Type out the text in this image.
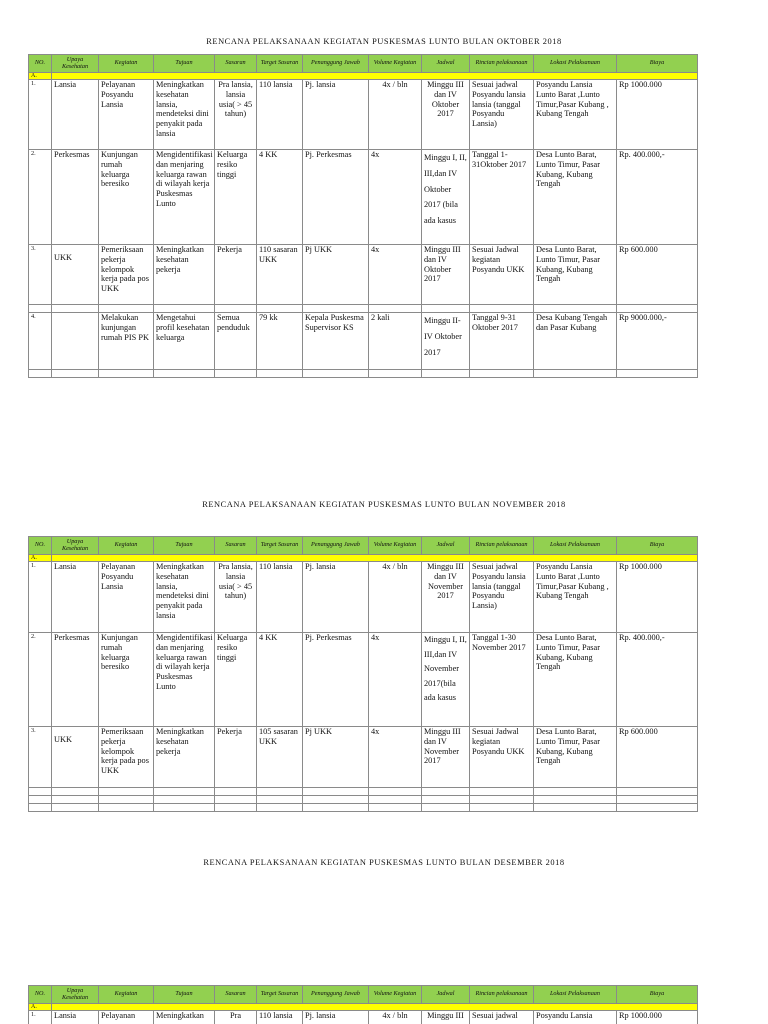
RENCANA PELAKSANAAN KEGIATAN PUSKESMAS LUNTO BULAN OKTOBER 2018
NO.	Upaya Kesehatan	Kegiatan	Tujuan	Sasaran	Target Sasaran	Penanggung Jawab	Volume Kegiatan	Jadwal	Rincian pelaksanaan	Lokasi Pelaksanaan	Biaya
A.											
1.	Lansia	Pelayanan Posyandu Lansia	Meningkatkan kesehatan lansia, mendeteksi dini penyakit pada lansia	Pra lansia, lansia usia( > 45 tahun)	110 lansia	Pj. lansia	4x / bln	Minggu III dan IV Oktober 2017	Sesuai jadwal Posyandu lansia lansia (tanggal Posyandu Lansia)	Posyandu Lansia Lunto Barat ,Lunto Timur,Pasar Kubang , Kubang Tengah	Rp 1000.000
2.	Perkesmas	Kunjungan rumah keluarga beresiko	Mengidentifikasi dan menjaring keluarga rawan di wilayah kerja Puskesmas Lunto	Keluarga resiko tinggi	4 KK	Pj. Perkesmas	4x	Minggu I, II, III,dan IV Oktober 2017 (bila ada kasus	Tanggal 1-31Oktober 2017	Desa Lunto Barat, Lunto Timur, Pasar Kubang, Kubang Tengah	Rp. 400.000,-
3.	UKK	Pemeriksaan pekerja kelompok kerja pada pos UKK	Meningkatkan kesehatan pekerja	Pekerja	110 sasaran UKK	Pj UKK	4x	Minggu III dan IV Oktober 2017	Sesuai Jadwal kegiatan Posyandu UKK	Desa Lunto Barat, Lunto Timur, Pasar Kubang, Kubang Tengah	Rp 600.000

4.		Melakukan kunjungan rumah PIS PK	Mengetahui profil kesehatan keluarga	Semua penduduk	79 kk	Kepala Puskesma Supervisor KS	2 kali	Minggu II-IV Oktober 2017	Tanggal 9-31 Oktober 2017	Desa Kubang Tengah dan Pasar Kubang	Rp 9000.000,-

RENCANA PELAKSANAAN KEGIATAN PUSKESMAS LUNTO BULAN NOVEMBER 2018
NO.	Upaya Kesehatan	Kegiatan	Tujuan	Sasaran	Target Sasaran	Penanggung Jawab	Volume Kegiatan	Jadwal	Rincian pelaksanaan	Lokasi Pelaksanaan	Biaya
A.											
1.	Lansia	Pelayanan Posyandu Lansia	Meningkatkan kesehatan lansia, mendeteksi dini penyakit pada lansia	Pra lansia, lansia usia( > 45 tahun)	110 lansia	Pj. lansia	4x / bln	Minggu III dan IV November 2017	Sesuai jadwal Posyandu lansia lansia (tanggal Posyandu Lansia)	Posyandu Lansia Lunto Barat ,Lunto Timur,Pasar Kubang , Kubang Tengah	Rp 1000.000
2.	Perkesmas	Kunjungan rumah keluarga beresiko	Mengidentifikasi dan menjaring keluarga rawan di wilayah kerja Puskesmas Lunto	Keluarga resiko tinggi	4 KK	Pj. Perkesmas	4x	Minggu I, II, III,dan IV November 2017(bila ada kasus	Tanggal 1-30 November 2017	Desa Lunto Barat, Lunto Timur, Pasar Kubang, Kubang Tengah	Rp. 400.000,-
3.	UKK	Pemeriksaan pekerja kelompok kerja pada pos UKK	Meningkatkan kesehatan pekerja	Pekerja	105 sasaran UKK	Pj UKK	4x	Minggu III dan IV November 2017	Sesuai Jadwal kegiatan Posyandu UKK	Desa Lunto Barat, Lunto Timur, Pasar Kubang, Kubang Tengah	Rp 600.000

RENCANA PELAKSANAAN KEGIATAN PUSKESMAS LUNTO BULAN DESEMBER 2018
NO.	Upaya Kesehatan	Kegiatan	Tujuan	Sasaran	Target Sasaran	Penanggung Jawab	Volume Kegiatan	Jadwal	Rincian pelaksanaan	Lokasi Pelaksanaan	Biaya
A.											
1.	Lansia	Pelayanan	Meningkatkan	Pra	110 lansia	Pj. lansia	4x / bln	Minggu III	Sesuai jadwal	Posyandu Lansia	Rp 1000.000
